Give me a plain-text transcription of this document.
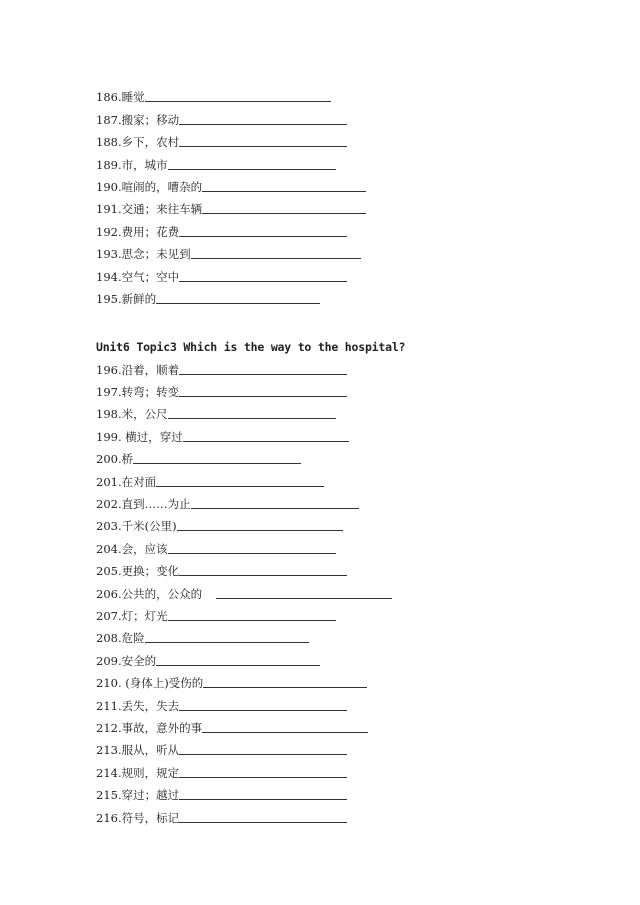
186. 睡觉
187. 搬家；移动
188. 乡下，农村
189. 市，城市
190. 喧闹的，嘈杂的
191. 交通；来往车辆
192. 费用；花费
193. 思念；未见到
194. 空气；空中
195. 新鲜的
Unit6 Topic3 Which is the way to the hospital?
196. 沿着，顺着
197. 转弯；转变
198. 米，公尺
199. 横过，穿过
200. 桥
201. 在对面
202. 直到……为止
203. 千米(公里)
204. 会，应该
205. 更换；变化
206. 公共的，公众的
207. 灯；灯光
208. 危险
209. 安全的
210. (身体上)受伤的
211. 丢失，失去
212. 事故，意外的事
213. 服从，听从
214. 规则，规定
215. 穿过；越过
216. 符号，标记
